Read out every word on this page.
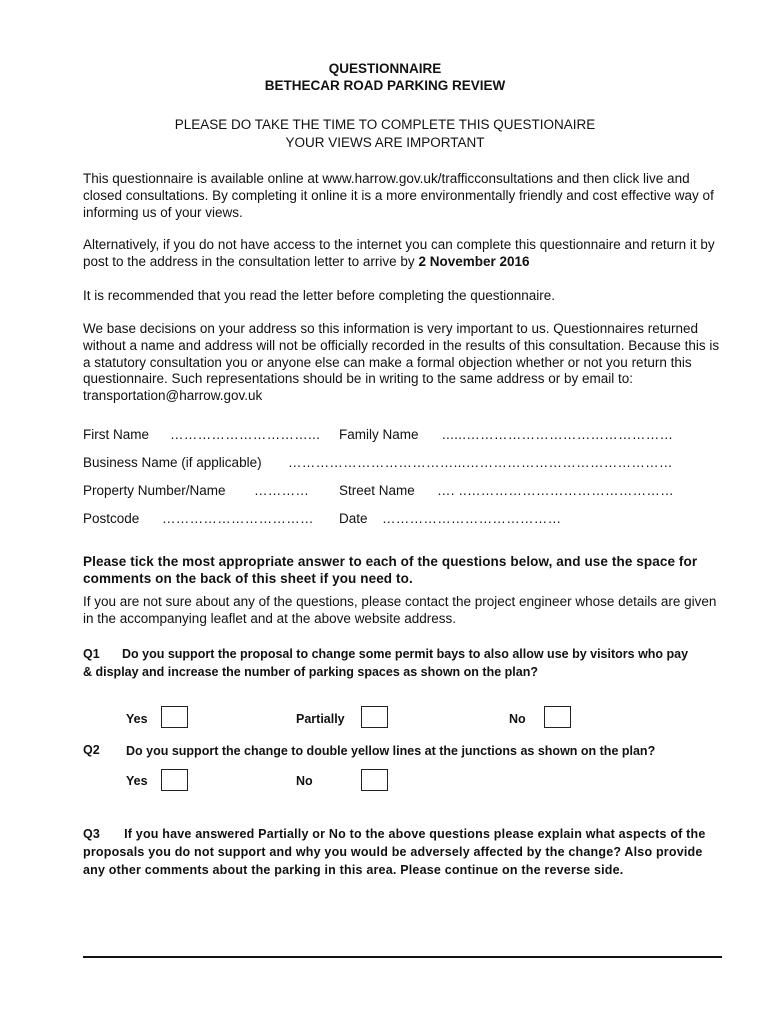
QUESTIONNAIRE
BETHECAR ROAD PARKING REVIEW
PLEASE DO TAKE THE TIME TO COMPLETE THIS QUESTIONAIRE
YOUR VIEWS ARE IMPORTANT

This questionnaire is available online at www.harrow.gov.uk/trafficconsultations and then click live and closed consultations. By completing it online it is a more environmentally friendly and cost effective way of informing us of your views.

Alternatively, if you do not have access to the internet you can complete this questionnaire and return it by post to the address in the consultation letter to arrive by 2 November 2016

It is recommended that you read the letter before completing the questionnaire.

We base decisions on your address so this information is very important to us. Questionnaires returned without a name and address will not be officially recorded in the results of this consultation. Because this is a statutory consultation you or anyone else can make a formal objection whether or not you return this questionnaire. Such representations should be in writing to the same address or by email to: transportation@harrow.gov.uk

First Name …………………………... Family Name ......………………………………………
Business Name (if applicable) ………………………………...………………………………………
Property Number/Name ………… Street Name …. ..………………………………………
Postcode …………………………… Date …………………………………

Please tick the most appropriate answer to each of the questions below, and use the space for comments on the back of this sheet if you need to.

If you are not sure about any of the questions, please contact the project engineer whose details are given in the accompanying leaflet and at the above website address.

Q1 Do you support the proposal to change some permit bays to also allow use by visitors who pay
& display and increase the number of parking spaces as shown on the plan?
Yes	Partially	No
Q2 Do you support the change to double yellow lines at the junctions as shown on the plan?
Yes	No

Q3 If you have answered Partially or No to the above questions please explain what aspects of the proposals you do not support and why you would be adversely affected by the change? Also provide any other comments about the parking in this area. Please continue on the reverse side.
